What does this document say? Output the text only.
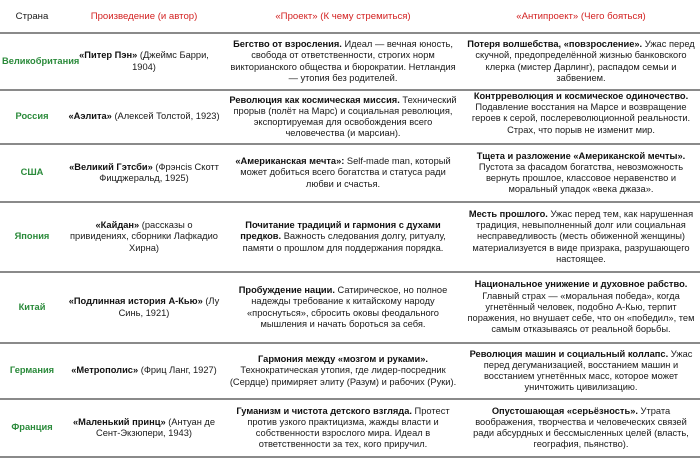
Страна	Произведение (и автор)	«Проект» (К чему стремиться)	«Антипроект» (Чего бояться)
Великобритания	«Питер Пэн» (Джеймс Барри, 1904)	Бегство от взросления. Идеал — вечная юность, свобода от ответственности, строгих норм викторианского общества и бюрократии. Нетландия — утопия без родителей.	Потеря волшебства, «повзросление». Ужас перед скучной, предопределённой жизнью банковского клерка (мистер Дарлинг), распадом семьи и забвением.
Россия	«Аэлита» (Алексей Толстой, 1923)	Революция как космическая миссия. Технический прорыв (полёт на Марс) и социальная революция, экспортируемая для освобождения всего человечества (и марсиан).	Контрреволюция и космическое одиночество. Подавление восстания на Марсе и возвращение героев к серой, послереволюционной реальности. Страх, что порыв не изменит мир.

США	«Великий Гэтсби» (Фрэнсis Скотт Фицджеральд, 1925)	«Американская мечта»: Self-made man, который может добиться всего богатства и статуса ради любви и счастья.	Тщета и разложение «Американской мечты». Пустота за фасадом богатства, невозможность вернуть прошлое, классовое неравенство и моральный упадок «века джаза».
Япония	«Кайдан» (рассказы о привидениях, сборники Лафкадио Хирна)	Почитание традиций и гармония с духами предков. Важность следования долгу, ритуалу, памяти о прошлом для поддержания порядка.	Месть прошлого. Ужас перед тем, как нарушенная традиция, невыполненный долг или социальная несправедливость (месть обиженной женщины) материализуется в виде призрака, разрушающего настоящее.
Китай	«Подлинная история А-Кью» (Лу Синь, 1921)	Пробуждение нации. Сатирическое, но полное надежды требование к китайскому народу «проснуться», сбросить оковы феодального мышления и начать бороться за себя.	Национальное унижение и духовное рабство. Главный страх — «моральная победа», когда угнетённый человек, подобно А-Кью, терпит поражения, но внушает себе, что он «победил», тем самым отказываясь от реальной борьбы.
Германия	«Метрополис» (Фриц Ланг, 1927)	Гармония между «мозгом и руками». Технократическая утопия, где лидер-посредник (Сердце) примиряет элиту (Разум) и рабочих (Руки).	Революция машин и социальный коллапс. Ужас перед дегуманизацией, восстанием машин и восстанием угнетённых масс, которое может уничтожить цивилизацию.
Франция	«Маленький принц» (Антуан де Сент-Экзюпери, 1943)	Гуманизм и чистота детского взгляда. Протест против узкого практицизма, жажды власти и собственности взрослого мира. Идеал в ответственности за тех, кого приручил.	Опустошающая «серьёзность». Утрата воображения, творчества и человеческих связей ради абсурдных и бессмысленных целей (власть, география, пьянство).
